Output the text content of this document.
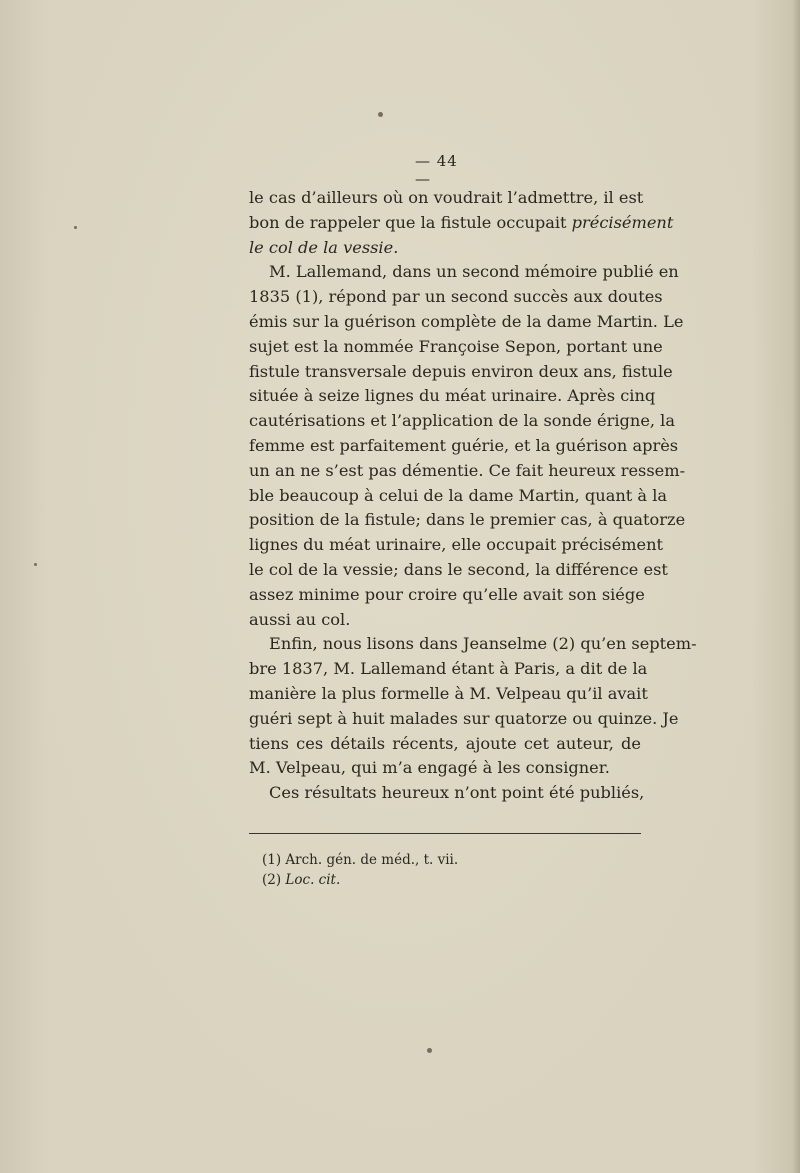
— 44 —
le cas d’ailleurs où on voudrait l’admettre, il est
bon de rappeler que la fistule occupait précisément
le col de la vessie.
M. Lallemand, dans un second mémoire publié en
1835 (1), répond par un second succès aux doutes
émis sur la guérison complète de la dame Martin. Le
sujet est la nommée Françoise Sepon, portant une
fistule transversale depuis environ deux ans, fistule
située à seize lignes du méat urinaire. Après cinq
cautérisations et l’application de la sonde érigne, la
femme est parfaitement guérie, et la guérison après
un an ne s’est pas démentie. Ce fait heureux ressem-
ble beaucoup à celui de la dame Martin, quant à la
position de la fistule; dans le premier cas, à quatorze
lignes du méat urinaire, elle occupait précisément
le col de la vessie; dans le second, la différence est
assez minime pour croire qu’elle avait son siége
aussi au col.
Enfin, nous lisons dans Jeanselme (2) qu’en septem-
bre 1837, M. Lallemand étant à Paris, a dit de la
manière la plus formelle à M. Velpeau qu’il avait
guéri sept à huit malades sur quatorze ou quinze. Je
tiens ces détails récents, ajoute cet auteur, de
M. Velpeau, qui m’a engagé à les consigner.
Ces résultats heureux n’ont point été publiés,
(1) Arch. gén. de méd., t. vii.
(2) Loc. cit.
